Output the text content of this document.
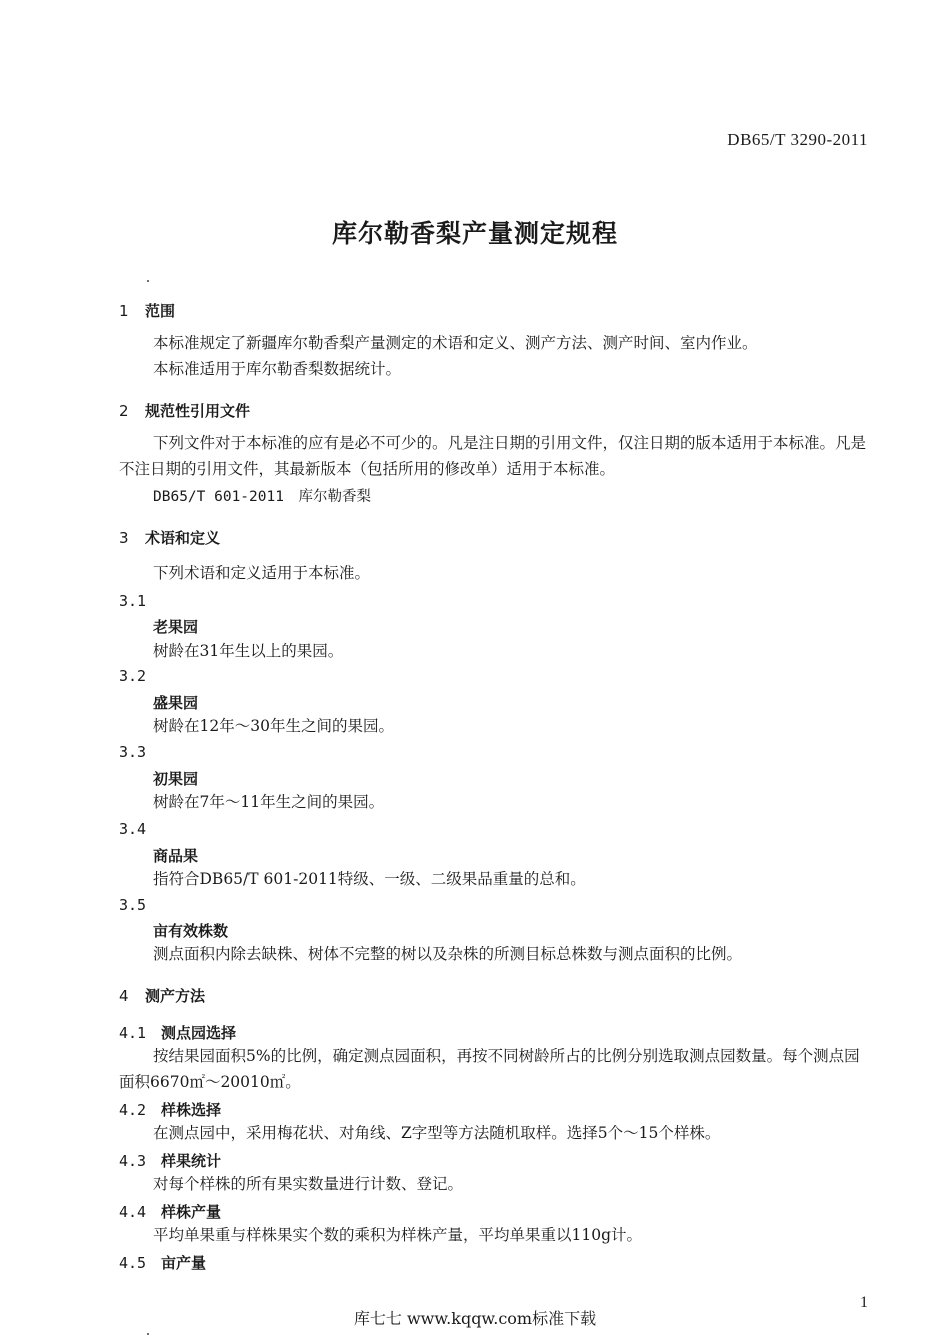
DB65/T 3290-2011
库尔勒香梨产量测定规程
1 范围
本标准规定了新疆库尔勒香梨产量测定的术语和定义、测产方法、测产时间、室内作业。
本标准适用于库尔勒香梨数据统计。
2 规范性引用文件
下列文件对于本标准的应有是必不可少的。凡是注日期的引用文件，仅注日期的版本适用于本标准。凡是不注日期的引用文件，其最新版本（包括所用的修改单）适用于本标准。
DB65/T 601-2011　库尔勒香梨
3 术语和定义
下列术语和定义适用于本标准。
3.1
老果园
树龄在31年生以上的果园。
3.2
盛果园
树龄在12年～30年生之间的果园。
3.3
初果园
树龄在7年～11年生之间的果园。
3.4
商品果
指符合DB65/T 601-2011特级、一级、二级果品重量的总和。
3.5
亩有效株数
测点面积内除去缺株、树体不完整的树以及杂株的所测目标总株数与测点面积的比例。
4 测产方法
4.1 测点园选择
按结果园面积5%的比例，确定测点园面积，再按不同树龄所占的比例分别选取测点园数量。每个测点园面积6670㎡～20010㎡。
4.2 样株选择
在测点园中，采用梅花状、对角线、Z字型等方法随机取样。选择5个～15个样株。
4.3 样果统计
对每个样株的所有果实数量进行计数、登记。
4.4 样株产量
平均单果重与样株果实个数的乘积为样株产量，平均单果重以110g计。
4.5 亩产量
1
库七七 www.kqqw.com标准下载
